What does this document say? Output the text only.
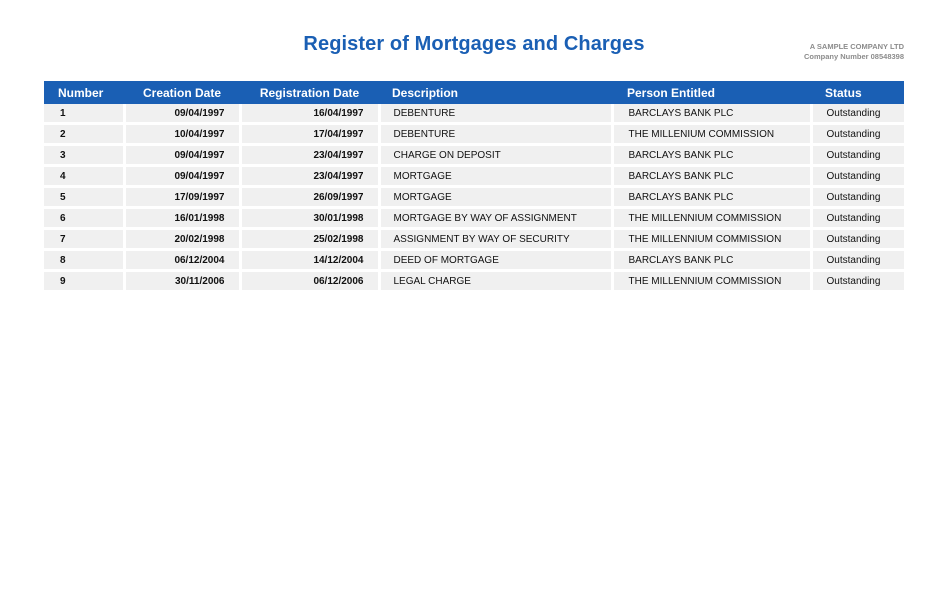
Register of Mortgages and Charges	A SAMPLE COMPANY LTD
Company Number 08548398
Number	Creation Date	Registration Date	Description	Person Entitled	Status
1	09/04/1997	16/04/1997	DEBENTURE	BARCLAYS BANK PLC	Outstanding
2	10/04/1997	17/04/1997	DEBENTURE	THE MILLENIUM COMMISSION	Outstanding
3	09/04/1997	23/04/1997	CHARGE ON DEPOSIT	BARCLAYS BANK PLC	Outstanding
4	09/04/1997	23/04/1997	MORTGAGE	BARCLAYS BANK PLC	Outstanding
5	17/09/1997	26/09/1997	MORTGAGE	BARCLAYS BANK PLC	Outstanding
6	16/01/1998	30/01/1998	MORTGAGE BY WAY OF ASSIGNMENT	THE MILLENNIUM COMMISSION	Outstanding
7	20/02/1998	25/02/1998	ASSIGNMENT BY WAY OF SECURITY	THE MILLENNIUM COMMISSION	Outstanding
8	06/12/2004	14/12/2004	DEED OF MORTGAGE	BARCLAYS BANK PLC	Outstanding
9	30/11/2006	06/12/2006	LEGAL CHARGE	THE MILLENNIUM COMMISSION	Outstanding
